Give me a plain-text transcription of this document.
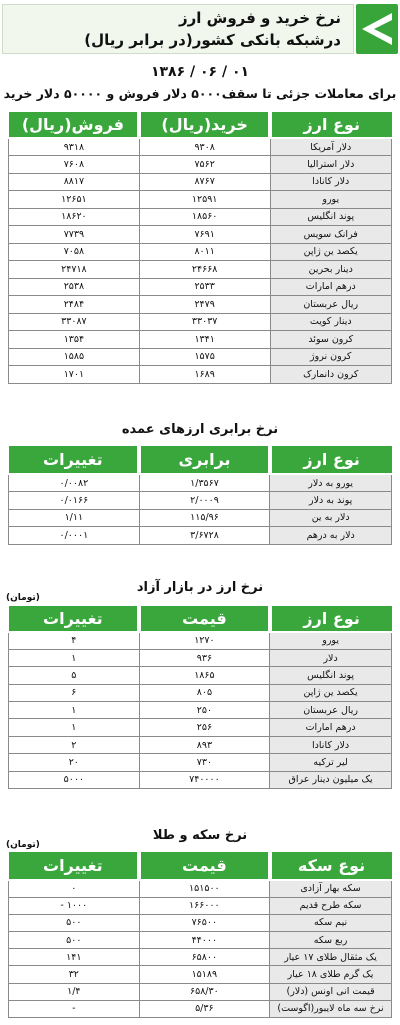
نرخ خرید و فروش ارز
درشبکه بانکی کشور(در برابر ریال)
۰۱ / ۰۶ / ۱۳۸۶
برای معاملات جزئی تا سقف۵۰۰۰ دلار فروش و ۵۰۰۰۰ دلار خرید
نوع ارز	خرید(ریال)	فروش(ریال)
دلار آمریکا	۹۳۰۸	۹۳۱۸
دلار استرالیا	۷۵۶۲	۷۶۰۸
دلار کانادا	۸۷۶۷	۸۸۱۷
یورو	۱۲۵۹۱	۱۲۶۵۱
پوند انگلیس	۱۸۵۶۰	۱۸۶۲۰
فرانک سویس	۷۶۹۱	۷۷۳۹
یکصد ین ژاپن	۸۰۱۱	۷۰۵۸
دینار بحرین	۲۴۶۶۸	۲۴۷۱۸
درهم امارات	۲۵۳۳	۲۵۳۸
ریال عربستان	۲۴۷۹	۲۴۸۴
دینار کویت	۳۳۰۳۷	۳۳۰۸۷
کرون سوئد	۱۳۴۱	۱۳۵۴
کرون نروژ	۱۵۷۵	۱۵۸۵
کرون دانمارک	۱۶۸۹	۱۷۰۱
نرخ برابری ارزهای عمده
نوع ارز	برابری	تغییرات
یورو به دلار	۱/۳۵۶۷	۰/۰۰۸۲
پوند به دلار	۲/۰۰۰۹	۰/۰۱۶۶
دلار به ین	۱۱۵/۹۶	۱/۱۱
دلار به درهم	۳/۶۷۲۸	۰/۰۰۰۱
نرخ ارز در بازار آزاد
(تومان)
نوع ارز	قیمت	تغییرات
یورو	۱۲۷۰	۴
دلار	۹۳۶	۱
پوند انگلیس	۱۸۶۵	۵
یکصد ین ژاپن	۸۰۵	۶
ریال عربستان	۲۵۰	۱
درهم امارات	۲۵۶	۱
دلار کانادا	۸۹۳	۲
لیر ترکیه	۷۳۰	۲۰
یک میلیون دینار عراق	۷۴۰۰۰۰	۵۰۰۰
نرخ سکه و طلا
(تومان)
نوع سکه	قیمت	تغییرات
سکه بهار آزادی	۱۵۱۵۰۰	۰
سکه طرح قدیم	۱۶۶۰۰۰	۱۰۰۰ -
نیم سکه	۷۶۵۰۰	۵۰۰
ربع سکه	۴۴۰۰۰	۵۰۰
یک مثقال طلای ۱۷ عیار	۶۵۸۰۰	۱۴۱
یک گرم طلای ۱۸ عیار	۱۵۱۸۹	۳۲
قیمت انی اونس (دلار)	۶۵۸/۳۰	۱/۴
نرخ سه ماه لایبور(اگوست)	۵/۳۶	-
